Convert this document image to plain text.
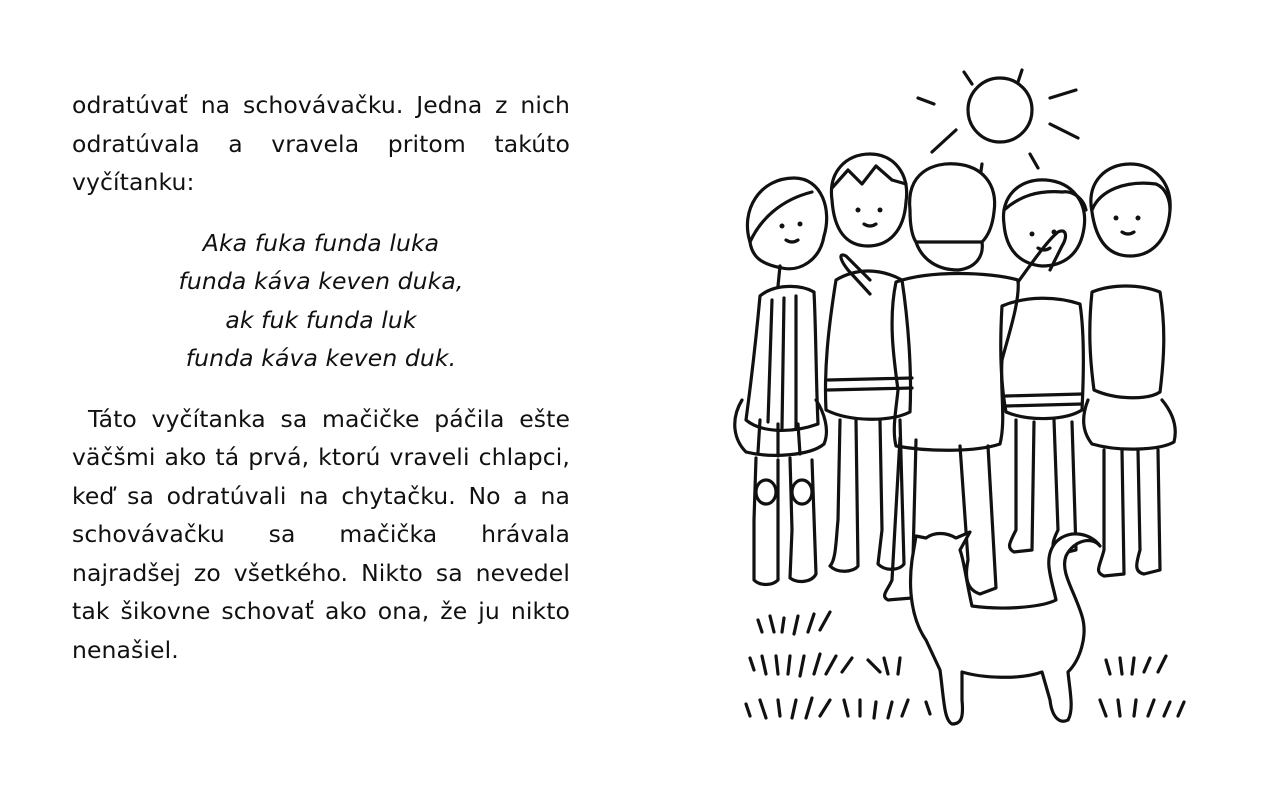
odratúvať na schovávačku. Jedna z nich odratúvala a vravela pritom takúto vyčítanku:

Aka fuka funda luka
funda káva keven duka,
ak fuk funda luk
funda káva keven duk.

Táto vyčítanka sa mačičke páčila ešte väčšmi ako tá prvá, ktorú vraveli chlapci, keď sa odratúvali na chytačku. No a na schovávačku sa mačička hrávala najradšej zo všetkého. Nikto sa nevedel tak šikovne schovať ako ona, že ju nikto nenašiel.
